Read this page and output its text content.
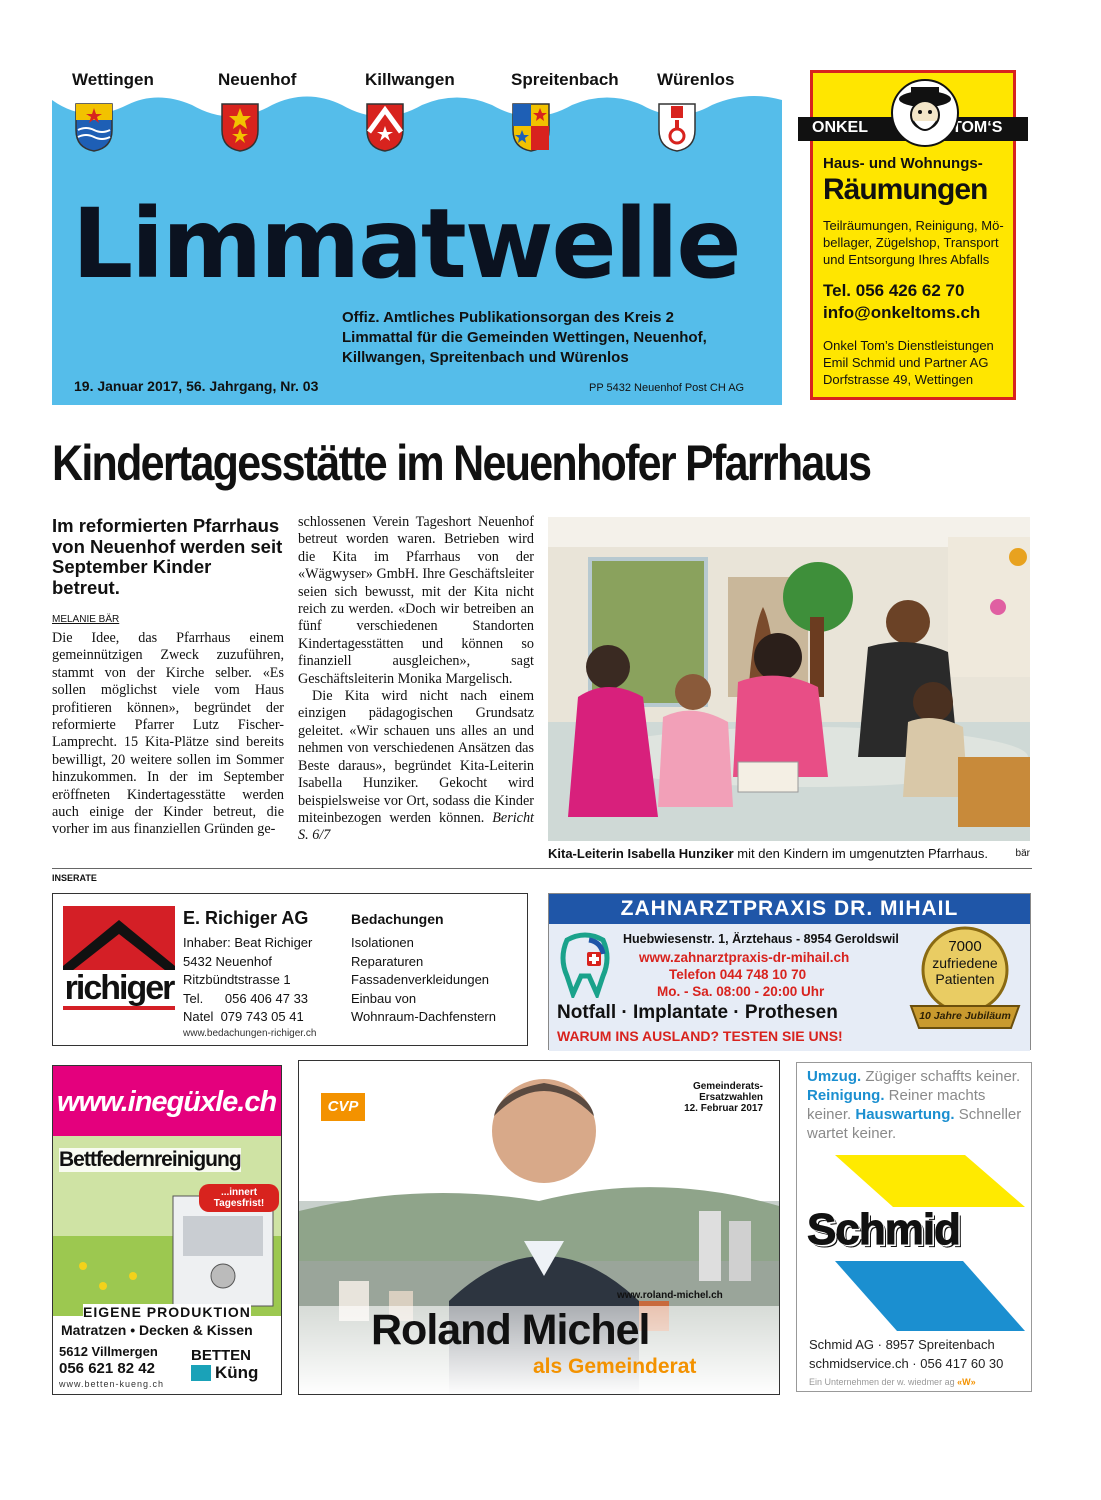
Wettingen	Neuenhof	Killwangen	Spreitenbach Würenlos
Limmatwelle
Offiz. Amtliches Publikationsorgan des Kreis 2
Limmattal für die Gemeinden Wettingen, Neuenhof,
Killwangen, Spreitenbach und Würenlos
19. Januar 2017, 56. Jahrgang, Nr. 03	PP 5432 Neuenhof Post CH AG
ONKEL	TOM‘S
Haus- und Wohnungs-
Räumungen
Teilräumungen, Reinigung, Mö-
bellager, Zügelshop, Transport
und Entsorgung Ihres Abfalls
Tel. 056 426 62 70
info@onkeltoms.ch
Onkel Tom’s Dienstleistungen
Emil Schmid und Partner AG
Dorfstrasse 49, Wettingen
Kindertagesstätte im Neuenhofer Pfarrhaus
Im reformierten Pfarrhaus von Neuenhof werden seit September Kinder betreut.
MELANIE BÄR
Die Idee, das Pfarrhaus einem gemeinnützigen Zweck zuzuführen, stammt von der Kirche selber. «Es sollen möglichst viele vom Haus profitieren können», begründet der reformierte Pfarrer Lutz Fischer-Lamprecht. 15 Kita-Plätze sind bereits bewilligt, 20 weitere sollen im Sommer hinzukommen. In der im September eröffneten Kindertagesstätte werden auch einige der Kinder betreut, die vorher im aus finanziellen Gründen ge-
schlossenen Verein Tageshort Neuenhof betreut worden waren. Betrieben wird die Kita im Pfarrhaus von der «Wägwyser» GmbH. Ihre Geschäftsleiter seien sich bewusst, mit der Kita nicht reich zu werden. «Doch wir betreiben an fünf verschiedenen Standorten Kindertagesstätten und können so finanziell ausgleichen», sagt Geschäftsleiterin Monika Margelisch.
Die Kita wird nicht nach einem einzigen pädagogischen Grundsatz geleitet. «Wir schauen uns alles an und nehmen von verschiedenen Ansätzen das Beste daraus», begründet Kita-Leiterin Isabella Hunziker. Gekocht wird beispielsweise vor Ort, sodass die Kinder miteinbezogen werden können. Bericht S. 6/7
Kita-Leiterin Isabella Hunziker mit den Kindern im umgenutzten Pfarrhaus.	bär
INSERATE
richiger
E. Richiger AG	Bedachungen
Inhaber: Beat Richiger
5432 Neuenhof
Ritzbündtstrasse 1
Tel.      056 406 47 33
Natel  079 743 05 41
Isolationen
Reparaturen
Fassadenverkleidungen
Einbau von
Wohnraum-Dachfenstern
www.bedachungen-richiger.ch
ZAHNARZTPRAXIS DR. MIHAIL
Huebwiesenstr. 1, Ärztehaus - 8954 Geroldswil
www.zahnarztpraxis-dr-mihail.ch
Telefon 044 748 10 70
Mo. - Sa. 08:00 - 20:00 Uhr
7000
zufriedene
Patienten
10 Jahre Jubiläum
Notfall · Implantate · Prothesen
WARUM INS AUSLAND? TESTEN SIE UNS!
www.inegüxle.ch
Bettfedernreinigung
...innert Tagesfrist!
EIGENE PRODUKTION
Matratzen • Decken & Kissen
5612 Villmergen
056 621 82 42
www.betten-kueng.ch
BETTEN
Küng
CVP
Gemeinderats-
Ersatzwahlen
12. Februar 2017
www.roland-michel.ch
Roland Michel
als Gemeinderat
Umzug. Zügiger schaffts keiner. Reinigung. Reiner machts keiner. Hauswartung. Schneller wartet keiner.
Schmid
Schmid AG · 8957 Spreitenbach
schmidservice.ch · 056 417 60 30
Ein Unternehmen der w. wiedmer ag «W»
